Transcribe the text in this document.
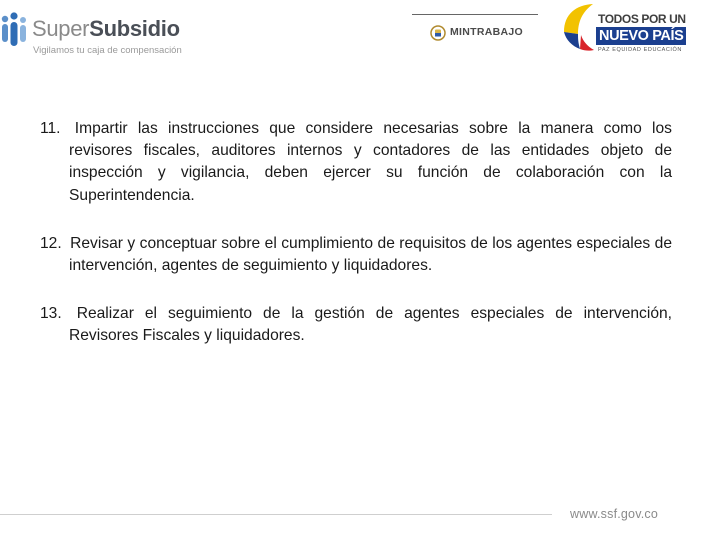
SuperSubsidio
Vigilamos tu caja de compensación
MINTRABAJO
TODOS POR UN
NUEVO PAÍS
PAZ EQUIDAD EDUCACIÓN

11. Impartir las instrucciones que considere necesarias sobre la manera como los revisores fiscales, auditores internos y contadores de las entidades objeto de inspección y vigilancia, deben ejercer su función de colaboración con la Superintendencia.

12. Revisar y conceptuar sobre el cumplimiento de requisitos de los agentes especiales de intervención, agentes de seguimiento y liquidadores.

13. Realizar el seguimiento de la gestión de agentes especiales de intervención, Revisores Fiscales y liquidadores.

www.ssf.gov.co
